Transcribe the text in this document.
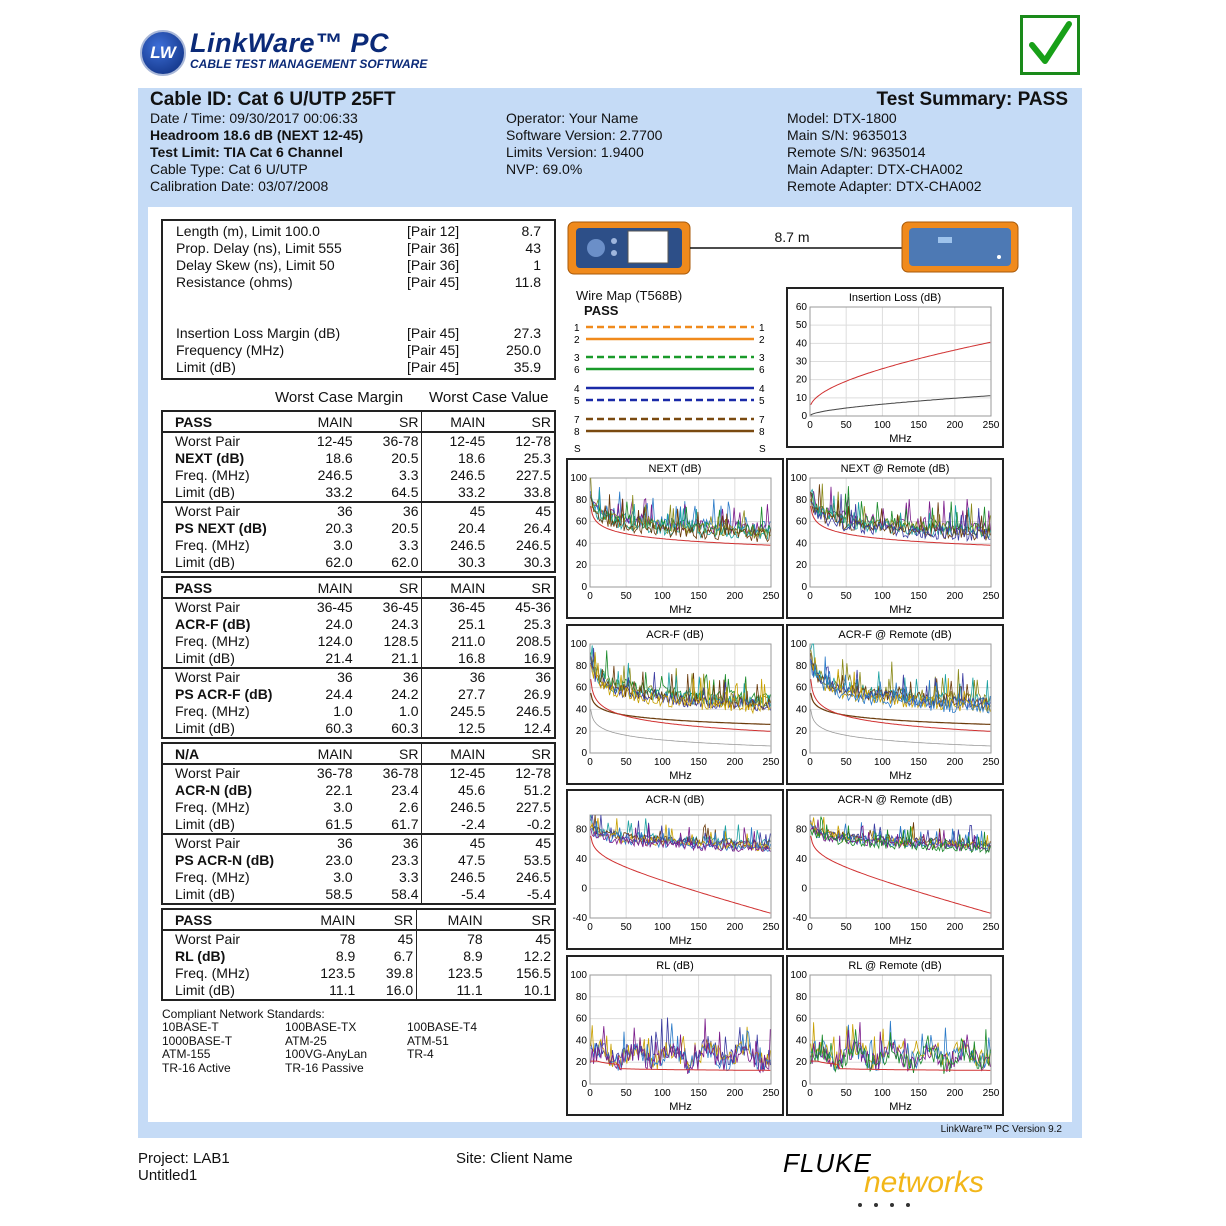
LW LinkWare™ PC
CABLE TEST MANAGEMENT SOFTWARE
Cable ID: Cat 6 U/UTP 25FT	Test Summary: PASS
Date / Time: 09/30/2017 00:06:33
Headroom 18.6 dB (NEXT 12-45)
Test Limit: TIA Cat 6 Channel
Cable Type: Cat 6 U/UTP
Calibration Date: 03/07/2008
Operator: Your Name
Software Version: 2.7700
Limits Version: 1.9400
NVP: 69.0%
Model: DTX-1800
Main S/N: 9635013
Remote S/N: 9635014
Main Adapter: DTX-CHA002
Remote Adapter: DTX-CHA002
Length (m), Limit 100.0	[Pair 12]	8.7
Prop. Delay (ns), Limit 555	[Pair 36]	43
Delay Skew (ns), Limit 50	[Pair 36]	1
Resistance (ohms)	[Pair 45]	11.8

Insertion Loss Margin (dB)	[Pair 45]	27.3
Frequency (MHz)	[Pair 45]	250.0
Limit (dB)	[Pair 45]	35.9
Worst Case Margin Worst Case Value
PASS	MAIN	SR	MAIN	SR
Worst Pair	12-45	36-78	12-45	12-78
NEXT (dB)	18.6	20.5	18.6	25.3
Freq. (MHz)	246.5	3.3	246.5	227.5
Limit (dB)	33.2	64.5	33.2	33.8
Worst Pair	36	36	45	45
PS NEXT (dB)	20.3	20.5	20.4	26.4
Freq. (MHz)	3.0	3.3	246.5	246.5
Limit (dB)	62.0	62.0	30.3	30.3
PASS	MAIN	SR	MAIN	SR
Worst Pair	36-45	36-45	36-45	45-36
ACR-F (dB)	24.0	24.3	25.1	25.3
Freq. (MHz)	124.0	128.5	211.0	208.5
Limit (dB)	21.4	21.1	16.8	16.9
Worst Pair	36	36	36	36
PS ACR-F (dB)	24.4	24.2	27.7	26.9
Freq. (MHz)	1.0	1.0	245.5	246.5
Limit (dB)	60.3	60.3	12.5	12.4
N/A	MAIN	SR	MAIN	SR
Worst Pair	36-78	36-78	12-45	12-78
ACR-N (dB)	22.1	23.4	45.6	51.2
Freq. (MHz)	3.0	2.6	246.5	227.5
Limit (dB)	61.5	61.7	-2.4	-0.2
Worst Pair	36	36	45	45
PS ACR-N (dB)	23.0	23.3	47.5	53.5
Freq. (MHz)	3.0	3.3	246.5	246.5
Limit (dB)	58.5	58.4	-5.4	-5.4
PASS	MAIN	SR	MAIN	SR
Worst Pair	78	45	78	45
RL (dB)	8.9	6.7	8.9	12.2
Freq. (MHz)	123.5	39.8	123.5	156.5
Limit (dB)	11.1	16.0	11.1	10.1
Compliant Network Standards:
10BASE-T	100BASE-TX	100BASE-T4
1000BASE-T	ATM-25	ATM-51
ATM-155	100VG-AnyLan	TR-4
TR-16 Active	TR-16 Passive
8.7 m
Wire Map (T568B)
PASS
1	1
2	2
3	3
6	6
4	4
5	5
7	7
8	8
S	S
Insertion Loss (dB)
0	50 100 150 200 250
0
10
20
30
40
50
60
MHz
NEXT (dB)
0	50 100 150 200 250
0
20
40
60
80
100
MHz
NEXT @ Remote (dB)
0	50 100 150 200 250
0
20
40
60
80
100
MHz
ACR-F (dB)
0	50 100 150 200 250
0
20
40
60
80
100
MHz
ACR-F @ Remote (dB)
0	50 100 150 200 250
0
20
40
60
80
100
MHz
ACR-N (dB)
0	50 100 150 200 250
-40
0
40
80
MHz
ACR-N @ Remote (dB)
0	50 100 150 200 250
-40
0
40
80
MHz
RL (dB)
0	50 100 150 200 250
0
20
40
60
80
100
MHz
RL @ Remote (dB)
0	50 100 150 200 250
0
20
40
60
80
100
MHz
LinkWare™ PC Version 9.2
Project: LAB1
Untitled1
Site: Client Name	FLUKE
networks
